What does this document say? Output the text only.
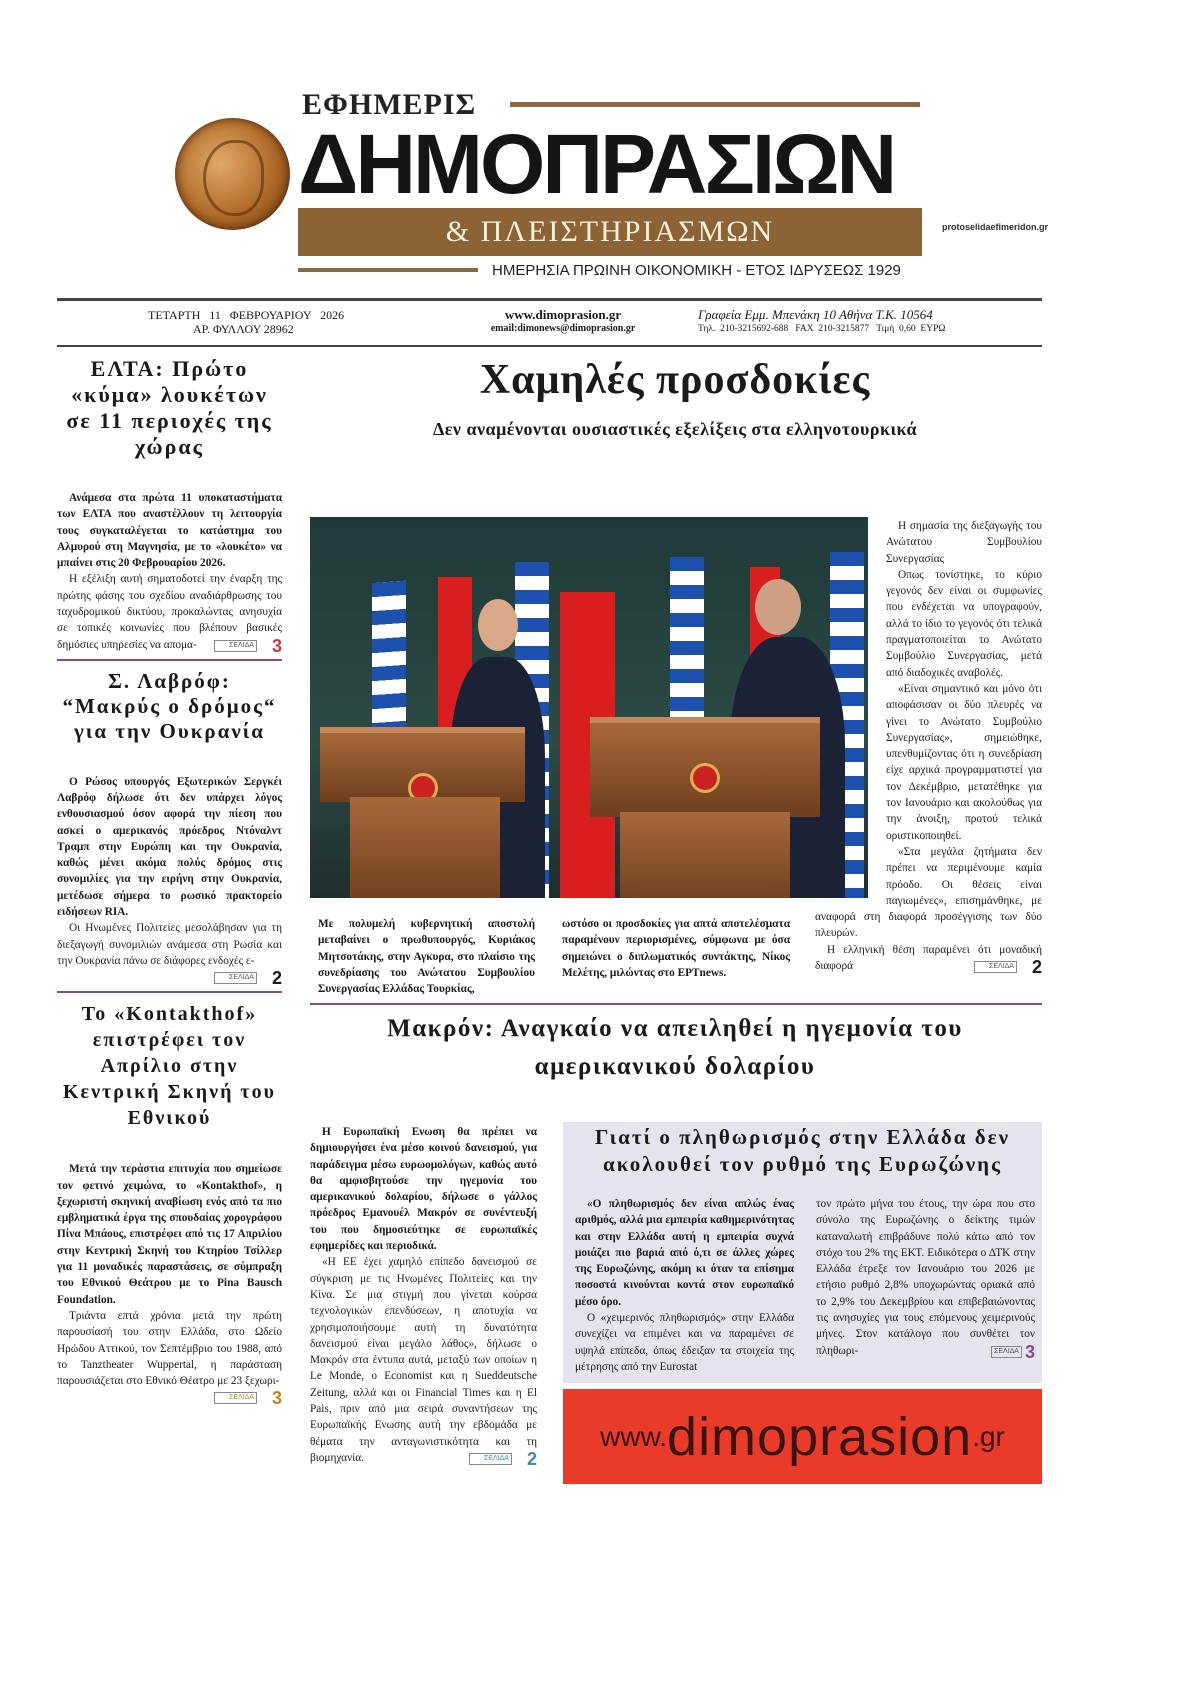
ΕΦΗΜΕΡΙΣ
ΔΗΜΟΠΡΑΣΙΩΝ
& ΠΛΕΙΣΤΗΡΙΑΣΜΩΝ
ΗΜΕΡΗΣΙΑ ΠΡΩΙΝΗ ΟΙΚΟΝΟΜΙΚΗ - ΕΤΟΣ ΙΔΡΥΣΕΩΣ 1929
protoselidaefimeridon.gr
ΤΕΤΑΡΤΗ   11   ΦΕΒΡΟΥΑΡΙΟΥ   2026
ΑΡ. ΦΥΛΛΟΥ 28962
www.dimoprasion.gr
email:dimonews@dimoprasion.gr
Γραφεία Εμμ. Μπενάκη 10 Αθήνα Τ.Κ. 10564
Τηλ.  210-3215692-688   FAX  210-3215877   Τιμή  0,60  ΕΥΡΩ
ΕΛΤΑ: Πρώτο «κύμα» λουκέτων σε 11 περιοχές της χώρας

Ανάμεσα στα πρώτα 11 υποκαταστήματα των ΕΛΤΑ που αναστέλλουν τη λειτουργία τους συγκαταλέγεται το κατάστημα του Αλμυρού στη Μαγνησία, με το «λουκέτο» να μπαίνει στις 20 Φεβρουαρίου 2026.

Η εξέλιξη αυτή σηματοδοτεί την έναρξη της πρώτης φάσης του σχεδίου αναδιάρθρωσης του ταχυδρομικού δικτύου, προκαλώντας ανησυχία σε τοπικές κοινωνίες που βλέπουν βασικές δημόσιες υπηρεσίες να απομα-	ΣΕΛΙΔΑ	3

Σ. Λαβρόφ: “Μακρύς ο δρόμος“ για την Ουκρανία

Ο Ρώσος υπουργός Εξωτερικών Σεργκέι Λαβρόφ δήλωσε ότι δεν υπάρχει λόγος ενθουσιασμού όσον αφορά την πίεση που ασκεί ο αμερικανός πρόεδρος Ντόναλντ Τραμπ στην Ευρώπη και την Ουκρανία, καθώς μένει ακόμα πολύς δρόμος στις συνομιλίες για την ειρήνη στην Ουκρανία, μετέδωσε σήμερα το ρωσικό πρακτορείο ειδήσεων RIA.

Οι Ηνωμένες Πολιτείες μεσολάβησαν για τη διεξαγωγή συνομιλιών ανάμεσα στη Ρωσία και την Ουκρανία πάνω σε διάφορες ενδοχές ε-
ΣΕΛΙΔΑ	2

Το «Kontakthof» επιστρέφει τον Απρίλιο στην Κεντρική Σκηνή του Εθνικού

Μετά την τεράστια επιτυχία που σημείωσε τον φετινό χειμώνα, το «Kontakthof», η ξεχωριστή σκηνική αναβίωση ενός από τα πιο εμβληματικά έργα της σπουδαίας χορογράφου Πίνα Μπάους, επιστρέφει από τις 17 Απριλίου στην Κεντρική Σκηνή του Κτηρίου Τσίλλερ για 11 μοναδικές παραστάσεις, σε σύμπραξη του Εθνικού Θεάτρου με το Pina Bausch Foundation.

Τριάντα επτά χρόνια μετά την πρώτη παρουσίασή του στην Ελλάδα, στο Ωδείο Ηρώδου Αττικού, τον Σεπτέμβριο του 1988, από το Tanztheater Wuppertal, η παράσταση παρουσιάζεται στο Εθνικό Θέατρο με 23 ξεχωρι-
ΣΕΛΙΔΑ	3

Χαμηλές προσδοκίες
Δεν αναμένονται ουσιαστικές εξελίξεις στα ελληνοτουρκικά
Με πολυμελή κυβερνητική αποστολή μεταβαίνει ο πρωθυπουργός, Κυριάκος Μητσοτάκης, στην Αγκυρα, στο πλαίσιο της συνεδρίασης του Ανώτατου Συμβουλίου Συνεργασίας Ελλάδας Τουρκίας,
ωστόσο οι προσδοκίες για απτά αποτελέσματα παραμένουν περιορισμένες, σύμφωνα με όσα σημειώνει ο διπλωματικός συντάκτης, Νίκος Μελέτης, μιλώντας στο ΕΡΤnews.

Η σημασία της διεξαγωγής του Ανώτατου Συμβουλίου Συνεργασίας

Οπως τονίστηκε, το κύριο γεγονός δεν είναι οι συμφωνίες που ενδέχεται να υπογραφούν, αλλά το ίδιο το γεγονός ότι τελικά πραγματοποιείται το Ανώτατο Συμβούλιο Συνεργασίας, μετά από διαδοχικές αναβολές.

«Είναι σημαντικό και μόνο ότι αποφάσισαν οι δύο πλευρές να γίνει το Ανώτατο Συμβούλιο Συνεργασίας», σημειώθηκε, υπενθυμίζοντας ότι η συνεδρίαση είχε αρχικά προγραμματιστεί για τον Δεκέμβριο, μετατέθηκε για τον Ιανουάριο και ακολούθως για την άνοιξη, προτού τελικά οριστικοποιηθεί.

«Στα μεγάλα ζητήματα δεν πρέπει να περιμένουμε καμία πρόοδο. Οι θέσεις είναι παγιωμένες», επισημάνθηκε, με αναφορά στη διαφορά προσέγγισης των δύο πλευρών.

Η ελληνική θέση παραμένει ότι μοναδική διαφορά	ΣΕΛΙΔΑ	2

Μακρόν: Αναγκαίο να απειληθεί η ηγεμονία του αμερικανικού δολαρίου

Η Ευρωπαϊκή Ενωση θα πρέπει να δημιουργήσει ένα μέσο κοινού δανεισμού, για παράδειγμα μέσω ευρωομολόγων, καθώς αυτό θα αμφισβητούσε την ηγεμονία του αμερικανικού δολαρίου, δήλωσε ο γάλλος πρόεδρος Εμανουέλ Μακρόν σε συνέντευξή του που δημοσιεύτηκε σε ευρωπαϊκές εφημερίδες και περιοδικά.

«Η ΕΕ έχει χαμηλό επίπεδο δανεισμού σε σύγκριση με τις Ηνωμένες Πολιτείες και την Κίνα. Σε μια στιγμή που γίνεται κούρσα τεχνολογικών επενδύσεων, η αποτυχία να χρησιμοποιήσουμε αυτή τη δυνατότητα δανεισμού είναι μεγάλο λάθος», δήλωσε ο Μακρόν στα έντυπα αυτά, μεταξύ των οποίων η Le Monde, ο Economist και η Sueddeutsche Zeitung, αλλά και οι Financial Times και η El Pais, πριν από μια σειρά συναντήσεων της Ευρωπαϊκής Ενωσης αυτή την εβδομάδα με θέματα την ανταγωνιστικότητα και τη βιομηχανία.	ΣΕΛΙΔΑ	2

Γιατί ο πληθωρισμός στην Ελλάδα δεν ακολουθεί τον ρυθμό της Ευρωζώνης

«Ο πληθωρισμός δεν είναι απλώς ένας αριθμός, αλλά μια εμπειρία καθημερινότητας και στην Ελλάδα αυτή η εμπειρία συχνά μοιάζει πιο βαριά από ό,τι σε άλλες χώρες της Ευρωζώνης, ακόμη κι όταν τα επίσημα ποσοστά κινούνται κοντά στον ευρωπαϊκό μέσο όρο.

Ο «χειμερινός πληθωρισμός» στην Ελλάδα συνεχίζει να επιμένει και να παραμένει σε υψηλά επίπεδα, όπως έδειξαν τα στοιχεία της μέτρησης από την Eurostat

τον πρώτο μήνα του έτους, την ώρα που στο σύνολο της Ευρωζώνης ο δείκτης τιμών καταναλωτή επιβράδυνε πολύ κάτω από τον στόχο του 2% της ΕΚΤ. Ειδικότερα ο ΔΤΚ στην Ελλάδα έτρεξε τον Ιανουάριο του 2026 με ετήσιο ρυθμό 2,8% υποχωρώντας οριακά από το 2,9% του Δεκεμβρίου και επιβεβαιώνοντας τις ανησυχίες για τους επόμενους χειμερινούς μήνες. Στον κατάλογο που συνθέτει τον πληθωρι-	ΣΕΛΙΔΑ 3
www. dimoprasion .gr
